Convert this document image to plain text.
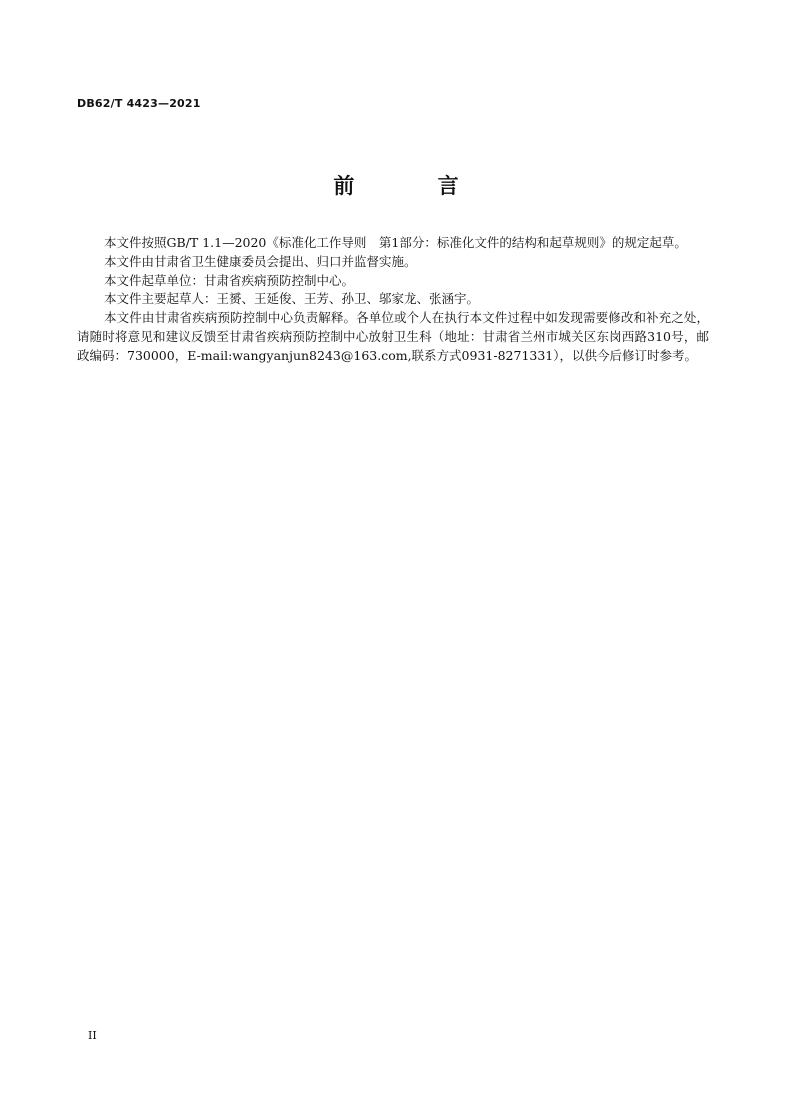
DB62/T 4423—2021
前 言

本文件按照GB/T 1.1—2020《标准化工作导则　第1部分：标准化文件的结构和起草规则》的规定起草。

本文件由甘肃省卫生健康委员会提出、归口并监督实施。

本文件起草单位：甘肃省疾病预防控制中心。

本文件主要起草人：王赟、王延俊、王芳、孙卫、邬家龙、张涵宇。

本文件由甘肃省疾病预防控制中心负责解释。各单位或个人在执行本文件过程中如发现需要修改和补充之处，请随时将意见和建议反馈至甘肃省疾病预防控制中心放射卫生科（地址：甘肃省兰州市城关区东岗西路310号，邮政编码：730000，E-mail:wangyanjun8243@163.com,联系方式0931-8271331），以供今后修订时参考。

II
